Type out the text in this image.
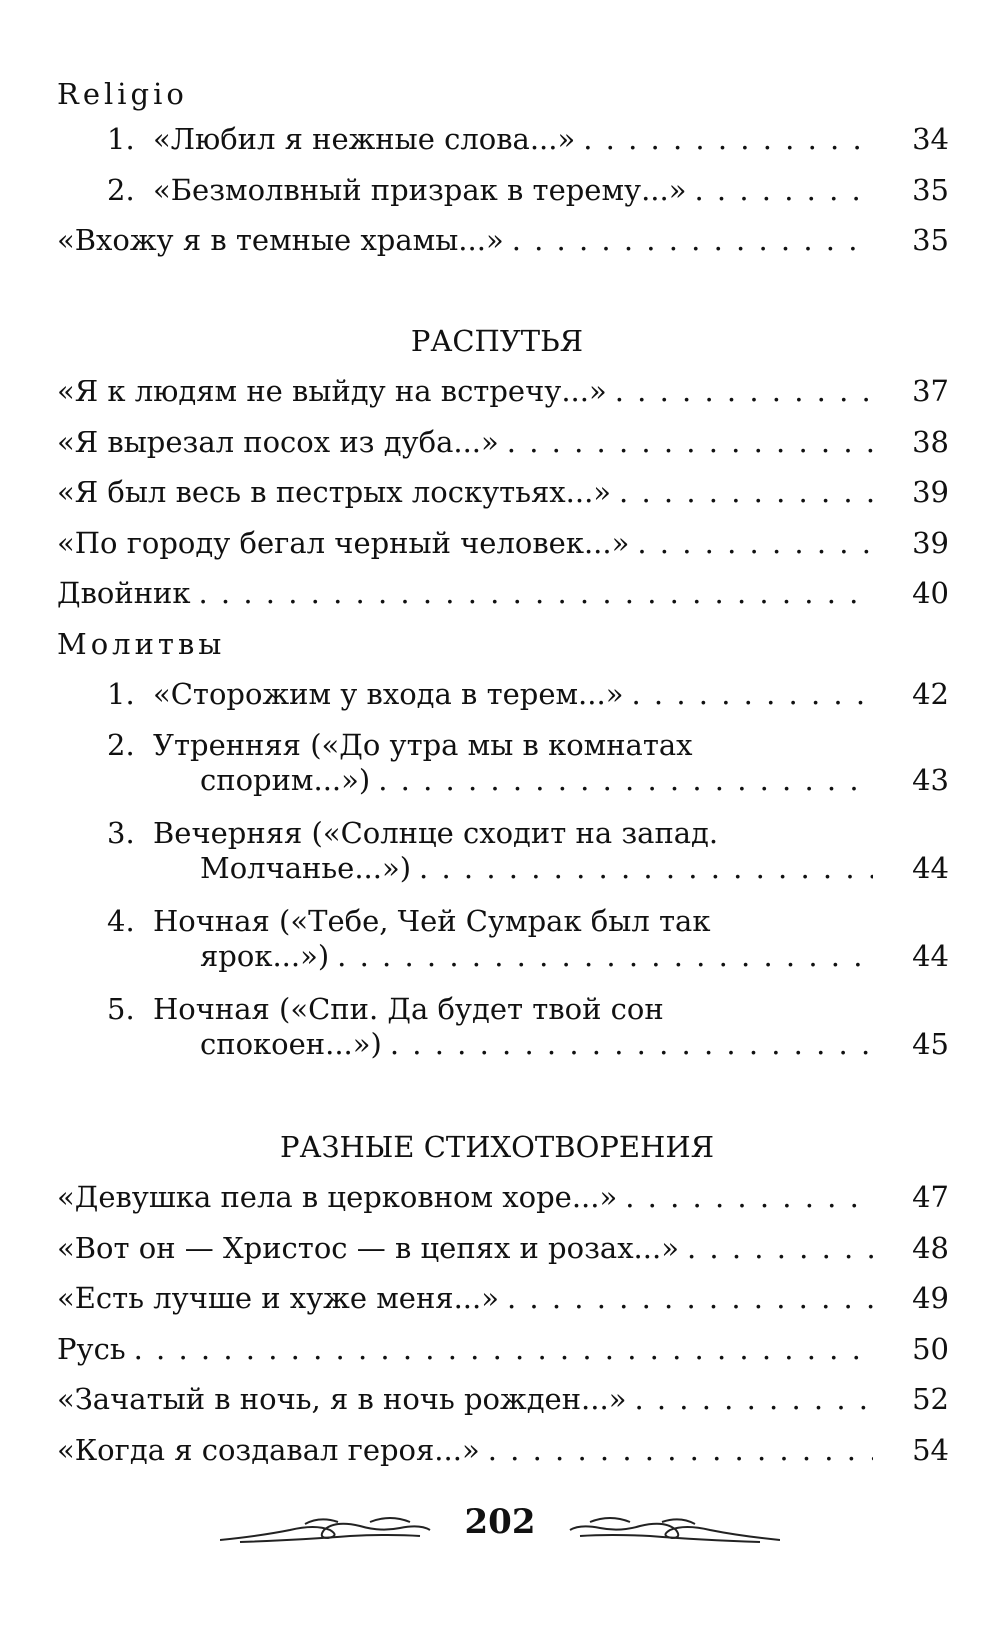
Religio
1. «Любил я нежные слова...» . . .	34
2. «Безмолвный призрак в терему...» . . .	35
«Вхожу я в темные храмы...» . . .	35
РАСПУТЬЯ
«Я к людям не выйду на встречу...» . . .	37
«Я вырезал посох из дуба...» . . .	38
«Я был весь в пестрых лоскутьях...» . . .	39
«По городу бегал черный человек...» . . .	39
Двойник . . .	40
Молитвы
1. «Сторожим у входа в терем...» . . .	42
2. Утренняя («До утра мы в комнатах
спорим...») . . .	43
3. Вечерняя («Солнце сходит на запад.
Молчанье...») . . .	44
4. Ночная («Тебе, Чей Сумрак был так
ярок...») . . .	44
5. Ночная («Спи. Да будет твой сон
спокоен...») . . .	45
РАЗНЫЕ СТИХОТВОРЕНИЯ
«Девушка пела в церковном хоре...» . . .	47
«Вот он — Христос — в цепях и розах...» . . .	48
«Есть лучше и хуже меня...» . . .	49
Русь . . .	50
«Зачатый в ночь, я в ночь рожден...» . . .	52
«Когда я создавал героя...» . . .	54
202
